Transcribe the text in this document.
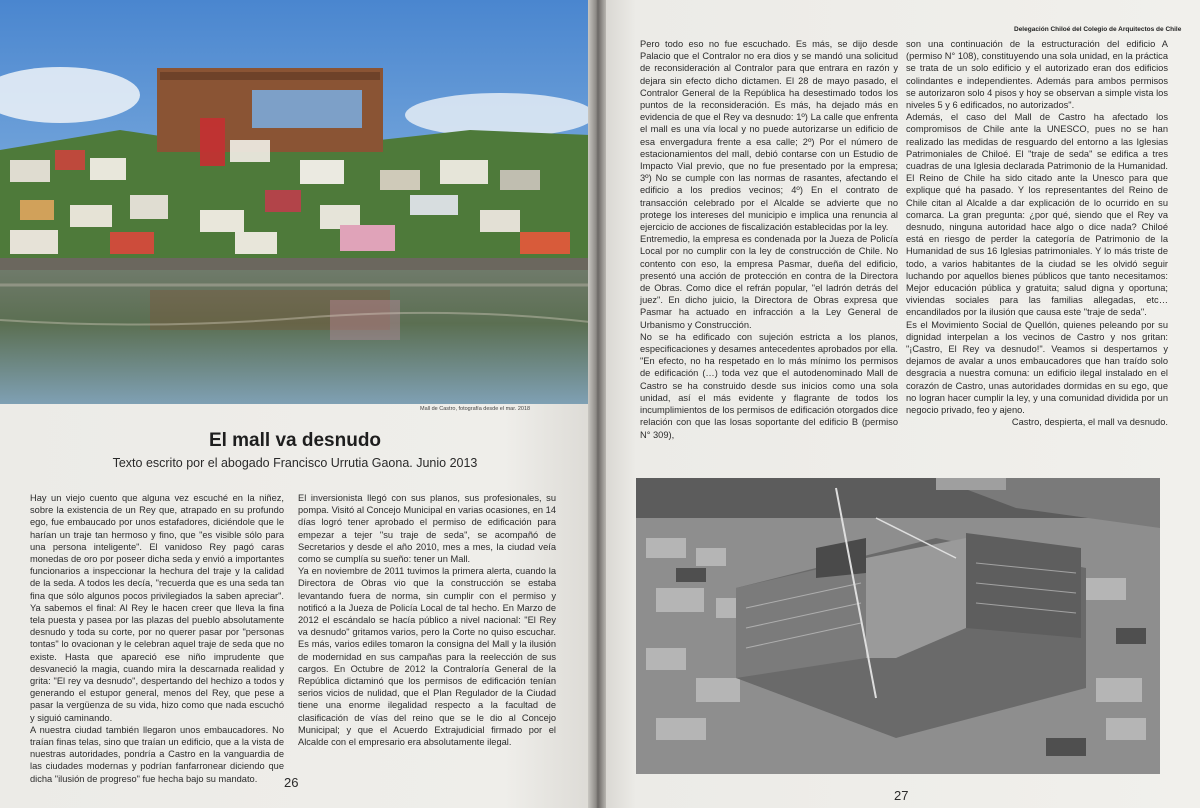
Mall de Castro, fotografía desde el mar. 2018
El mall va desnudo
Texto escrito por el abogado Francisco Urrutia Gaona. Junio 2013

Hay un viejo cuento que alguna vez escuché en la niñez, sobre la existencia de un Rey que, atrapado en su profundo ego, fue embaucado por unos estafadores, diciéndole que le harían un traje tan hermoso y fino, que "es visible sólo para una persona inteligente". El vanidoso Rey pagó caras monedas de oro por poseer dicha seda y envió a importantes funcionarios a inspeccionar la hechura del traje y la calidad de la seda. A todos les decía, "recuerda que es una seda tan fina que sólo algunos pocos privilegiados la saben apreciar". Ya sabemos el final: Al Rey le hacen creer que lleva la fina tela puesta y pasea por las plazas del pueblo absolutamente desnudo y toda su corte, por no querer pasar por "personas tontas" lo ovacionan y le celebran aquel traje de seda que no existe. Hasta que apareció ese niño imprudente que desvaneció la magia, cuando mira la descarnada realidad y grita: "El rey va desnudo", despertando del hechizo a todos y generando el estupor general, menos del Rey, que pese a pasar la vergüenza de su vida, hizo como que nada escuchó y siguió caminando.

A nuestra ciudad también llegaron unos embaucadores. No traían finas telas, sino que traían un edificio, que a la vista de nuestras autoridades, pondría a Castro en la vanguardia de las ciudades modernas y podrían fanfarronear diciendo que dicha "ilusión de progreso" fue hecha bajo su mandato.

El inversionista llegó con sus planos, sus profesionales, su pompa. Visitó al Concejo Municipal en varias ocasiones, en 14 días logró tener aprobado el permiso de edificación para empezar a tejer "su traje de seda", se acompañó de Secretarios y desde el año 2010, mes a mes, la ciudad veía como se cumplía su sueño: tener un Mall.

Ya en noviembre de 2011 tuvimos la primera alerta, cuando la Directora de Obras vio que la construcción se estaba levantando fuera de norma, sin cumplir con el permiso y notificó a la Jueza de Policía Local de tal hecho. En Marzo de 2012 el escándalo se hacía público a nivel nacional: "El Rey va desnudo" gritamos varios, pero la Corte no quiso escuchar. Es más, varios ediles tomaron la consigna del Mall y la ilusión de modernidad en sus campañas para la reelección de sus cargos. En Octubre de 2012 la Contraloría General de la República dictaminó que los permisos de edificación tenían serios vicios de nulidad, que el Plan Regulador de la Ciudad tiene una enorme ilegalidad respecto a la facultad de clasificación de vías del reino que se le dio al Concejo Municipal; y que el Acuerdo Extrajudicial firmado por el Alcalde con el empresario era absolutamente ilegal.

26
Delegación Chiloé del Colegio de Arquitectos de Chile

Pero todo eso no fue escuchado. Es más, se dijo desde Palacio que el Contralor no era dios y se mandó una solicitud de reconsideración al Contralor para que entrara en razón y dejara sin efecto dicho dictamen. El 28 de mayo pasado, el Contralor General de la República ha desestimado todos los puntos de la reconsideración. Es más, ha dejado más en evidencia de que el Rey va desnudo: 1º) La calle que enfrenta el mall es una vía local y no puede autorizarse un edificio de esa envergadura frente a esa calle; 2º) Por el número de estacionamientos del mall, debió contarse con un Estudio de Impacto Vial previo, que no fue presentado por la empresa; 3º) No se cumple con las normas de rasantes, afectando el edificio a los predios vecinos; 4º) En el contrato de transacción celebrado por el Alcalde se advierte que no protege los intereses del municipio e implica una renuncia al ejercicio de acciones de fiscalización establecidas por la ley.

Entremedio, la empresa es condenada por la Jueza de Policía Local por no cumplir con la ley de construcción de Chile. No contento con eso, la empresa Pasmar, dueña del edificio, presentó una acción de protección en contra de la Directora de Obras. Como dice el refrán popular, "el ladrón detrás del juez". En dicho juicio, la Directora de Obras expresa que Pasmar ha actuado en infracción a la Ley General de Urbanismo y Construcción.

No se ha edificado con sujeción estricta a los planos, especificaciones y desames antecedentes aprobados por ella. "En efecto, no ha respetado en lo más mínimo los permisos de edificación (…) toda vez que el autodenominado Mall de Castro se ha construido desde sus inicios como una sola unidad, así el más evidente y flagrante de todos los incumplimientos de los permisos de edificación otorgados dice relación con que las losas soportante del edificio B (permiso N° 309),

son una continuación de la estructuración del edificio A (permiso N° 108), constituyendo una sola unidad, en la práctica se trata de un solo edificio y el autorizado eran dos edificios colindantes e independientes. Además para ambos permisos se autorizaron solo 4 pisos y hoy se observan a simple vista los niveles 5 y 6 edificados, no autorizados".

Además, el caso del Mall de Castro ha afectado los compromisos de Chile ante la UNESCO, pues no se han realizado las medidas de resguardo del entorno a las Iglesias Patrimoniales de Chiloé. El "traje de seda" se edifica a tres cuadras de una Iglesia declarada Patrimonio de la Humanidad. El Reino de Chile ha sido citado ante la Unesco para que explique qué ha pasado. Y los representantes del Reino de Chile citan al Alcalde a dar explicación de lo ocurrido en su comarca. La gran pregunta: ¿por qué, siendo que el Rey va desnudo, ninguna autoridad hace algo o dice nada? Chiloé está en riesgo de perder la categoría de Patrimonio de la Humanidad de sus 16 Iglesias patrimoniales. Y lo más triste de todo, a varios habitantes de la ciudad se les olvidó seguir luchando por aquellos bienes públicos que tanto necesitamos: Mejor educación pública y gratuita; salud digna y oportuna; viviendas sociales para las familias allegadas, etc… encandilados por la ilusión que causa este "traje de seda".

Es el Movimiento Social de Quellón, quienes peleando por su dignidad interpelan a los vecinos de Castro y nos gritan: "¡Castro, El Rey va desnudo!". Veamos si despertamos y dejamos de avalar a unos embaucadores que han traído solo desgracia a nuestra comuna: un edificio ilegal instalado en el corazón de Castro, unas autoridades dormidas en su ego, que no logran hacer cumplir la ley, y una comunidad dividida por un negocio privado, feo y ajeno.

Castro, despierta, el mall va desnudo.

27
